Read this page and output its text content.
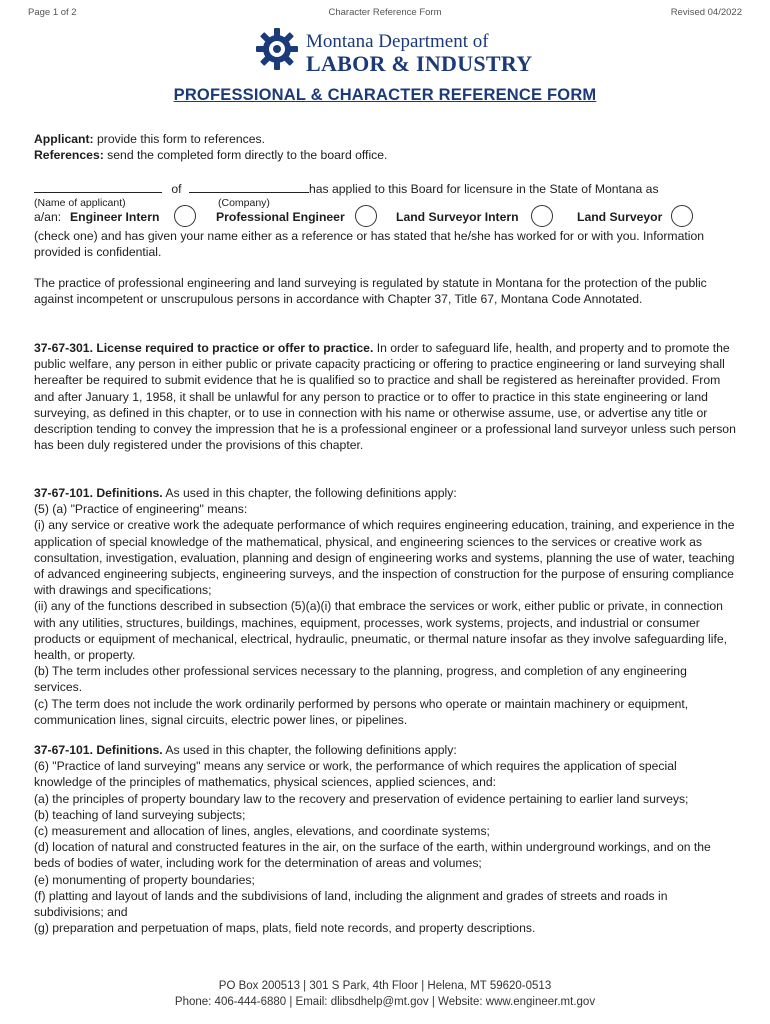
Page 1 of 2	Character Reference Form	Revised 04/2022
Montana Department of
LABOR & INDUSTRY
PROFESSIONAL & CHARACTER REFERENCE FORM
Applicant: provide this form to references.
References: send the completed form directly to the board office.
of	has applied to this Board for licensure in the State of Montana as
(Name of applicant)	(Company)
a/an: Engineer Intern	Professional Engineer	Land Surveyor Intern	Land Surveyor
(check one) and has given your name either as a reference or has stated that he/she has worked for or with you. Information provided is confidential.
The practice of professional engineering and land surveying is regulated by statute in Montana for the protection of the public against incompetent or unscrupulous persons in accordance with Chapter 37, Title 67, Montana Code Annotated.
37-67-301. License required to practice or offer to practice. In order to safeguard life, health, and property and to promote the public welfare, any person in either public or private capacity practicing or offering to practice engineering or land surveying shall hereafter be required to submit evidence that he is qualified so to practice and shall be registered as hereinafter provided. From and after January 1, 1958, it shall be unlawful for any person to practice or to offer to practice in this state engineering or land surveying, as defined in this chapter, or to use in connection with his name or otherwise assume, use, or advertise any title or description tending to convey the impression that he is a professional engineer or a professional land surveyor unless such person has been duly registered under the provisions of this chapter.
37-67-101. Definitions. As used in this chapter, the following definitions apply:
(5) (a) "Practice of engineering" means:
(i) any service or creative work the adequate performance of which requires engineering education, training, and experience in the application of special knowledge of the mathematical, physical, and engineering sciences to the services or creative work as consultation, investigation, evaluation, planning and design of engineering works and systems, planning the use of water, teaching of advanced engineering subjects, engineering surveys, and the inspection of construction for the purpose of ensuring compliance with drawings and specifications;
(ii) any of the functions described in subsection (5)(a)(i) that embrace the services or work, either public or private, in connection with any utilities, structures, buildings, machines, equipment, processes, work systems, projects, and industrial or consumer products or equipment of mechanical, electrical, hydraulic, pneumatic, or thermal nature insofar as they involve safeguarding life, health, or property.
(b) The term includes other professional services necessary to the planning, progress, and completion of any engineering services.
(c) The term does not include the work ordinarily performed by persons who operate or maintain machinery or equipment, communication lines, signal circuits, electric power lines, or pipelines.
37-67-101. Definitions. As used in this chapter, the following definitions apply:
(6) "Practice of land surveying" means any service or work, the performance of which requires the application of special knowledge of the principles of mathematics, physical sciences, applied sciences, and:
(a) the principles of property boundary law to the recovery and preservation of evidence pertaining to earlier land surveys;
(b) teaching of land surveying subjects;
(c) measurement and allocation of lines, angles, elevations, and coordinate systems;
(d) location of natural and constructed features in the air, on the surface of the earth, within underground workings, and on the beds of bodies of water, including work for the determination of areas and volumes;
(e) monumenting of property boundaries;
(f) platting and layout of lands and the subdivisions of land, including the alignment and grades of streets and roads in subdivisions; and
(g) preparation and perpetuation of maps, plats, field note records, and property descriptions.
PO Box 200513 | 301 S Park, 4th Floor | Helena, MT 59620-0513
Phone: 406-444-6880 | Email: dlibsdhelp@mt.gov | Website: www.engineer.mt.gov
